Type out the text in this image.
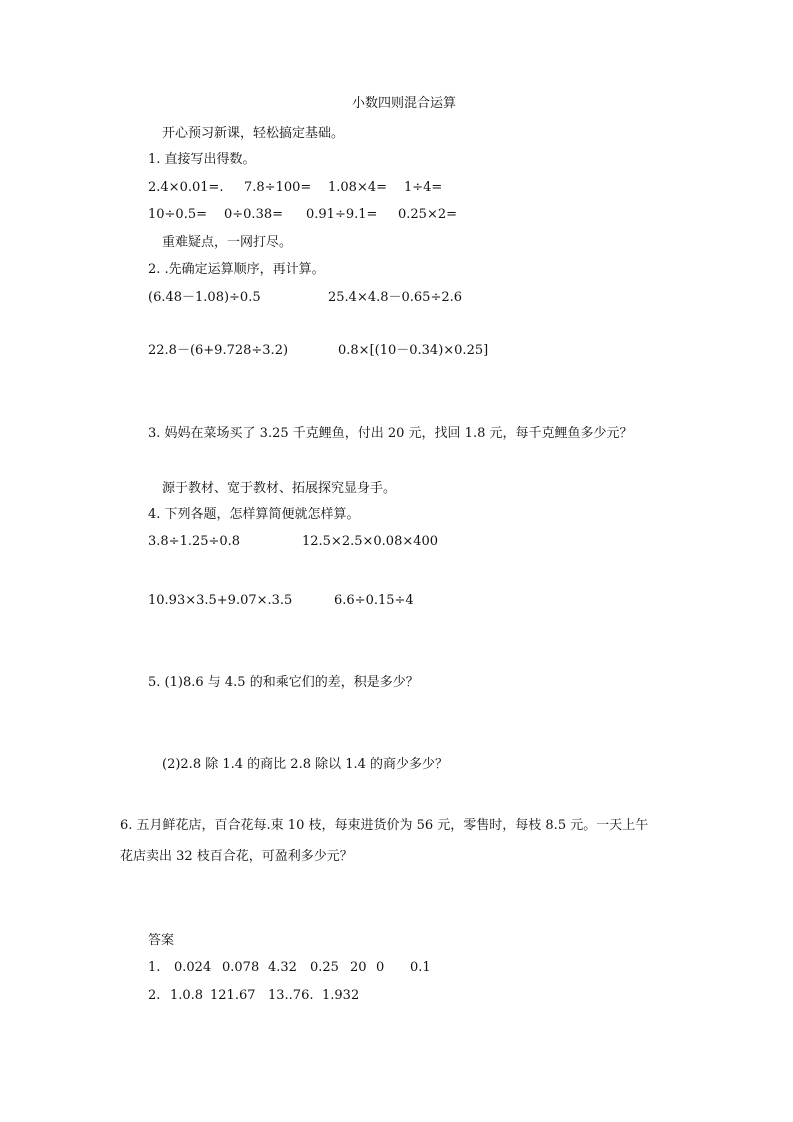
小数四则混合运算
开心预习新课，轻松搞定基础。
1. 直接写出得数。
2.4×0.01=. 7.8÷100= 1.08×4= 1÷4=
10÷0.5= 0÷0.38= 0.91÷9.1= 0.25×2=
重难疑点，一网打尽。
2. .先确定运算顺序，再计算。
(6.48－1.08)÷0.5	25.4×4.8－0.65÷2.6
22.8－(6+9.728÷3.2)	0.8×[(10－0.34)×0.25]
3. 妈妈在菜场买了 3.25 千克鲤鱼，付出 20 元，找回 1.8 元，每千克鲤鱼多少元？
源于教材、宽于教材、拓展探究显身手。
4. 下列各题，怎样算简便就怎样算。
3.8÷1.25÷0.8	12.5×2.5×0.08×400
10.93×3.5+9.07×.3.5	6.6÷0.15÷4
5. (1)8.6 与 4.5 的和乘它们的差，积是多少？
(2)2.8 除 1.4 的商比 2.8 除以 1.4 的商少多少？
6. 五月鲜花店，百合花每.束 10 枝，每束进货价为 56 元，零售时，每枝 8.5 元。一天上午
花店卖出 32 枝百合花，可盈利多少元？
答案
1. 0.024 0.078 4.32 0.25 20 0 0.1
2. 1.0.8 121.67 13..76. 1.932
